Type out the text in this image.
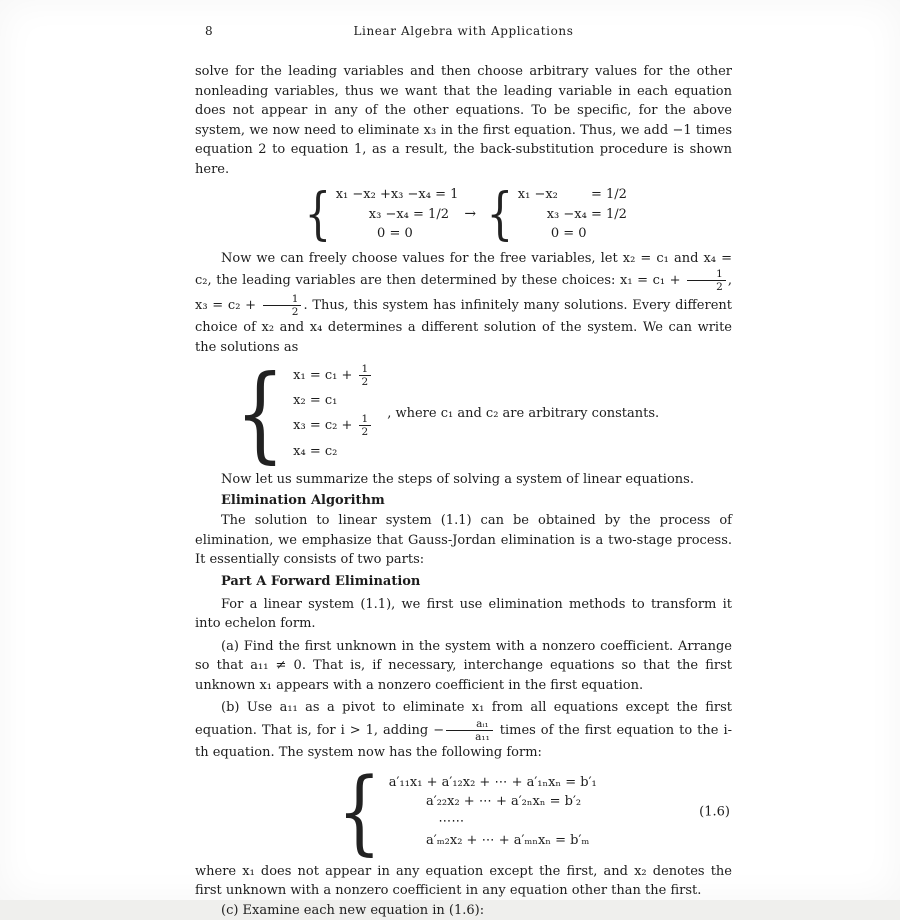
8	Linear Algebra with Applications

solve for the leading variables and then choose arbitrary values for the other nonleading variables, thus we want that the leading variable in each equation does not appear in any of the other equations. To be specific, for the above system, we now need to eliminate x₃ in the first equation. Thus, we add −1 times equation 2 to equation 1, as a result, the back-substitution procedure is shown here.

{ x₁ −x₂ +x₃ −x₄ = 1
x₃ −x₄ = 1/2
0 = 0
→ { x₁ −x₂        = 1/2
x₃ −x₄ = 1/2
0 = 0

Now we can freely choose values for the free variables, let x₂ = c₁ and x₄ = c₂, the leading variables are then determined by these choices: $x_1 = c_1 + \frac{1}{2}$ , $x_3 = c_2 + \frac{1}{2}$ . Thus, this system has infinitely many solutions. Every different choice of x₂ and x₄ determines a different solution of the system. We can write the solutions as

{ $x_1 = c_1 + \frac{1}{2}$
x₂ = c₁
$x_3 = c_2 + \frac{1}{2}$
x₄ = c₂
, where c₁ and c₂ are arbitrary constants.

Now let us summarize the steps of solving a system of linear equations.

Elimination Algorithm

The solution to linear system (1.1) can be obtained by the process of elimination, we emphasize that Gauss-Jordan elimination is a two-stage process. It essentially consists of two parts:

Part A Forward Elimination

For a linear system (1.1), we first use elimination methods to transform it into echelon form.

(a) Find the first unknown in the system with a nonzero coefficient. Arrange so that a₁₁ ≠ 0. That is, if necessary, interchange equations so that the first unknown x₁ appears with a nonzero coefficient in the first equation.

(b) Use a₁₁ as a pivot to eliminate x₁ from all equations except the first equation. That is, for i > 1, adding − $\frac{\text{aᵢ₁}}{\text{a₁₁}}$ times of the first equation to the i-th equation. The system now has the following form:

{ a′₁₁x₁ + a′₁₂x₂ + ⋯ + a′₁ₙxₙ = b′₁
a′₂₂x₂ + ⋯ + a′₂ₙxₙ = b′₂
⋯⋯
a′ₘ₂x₂ + ⋯ + a′ₘₙxₙ = b′ₘ
(1.6)

where x₁ does not appear in any equation except the first, and x₂ denotes the first unknown with a nonzero coefficient in any equation other than the first.

(c) Examine each new equation in (1.6):
